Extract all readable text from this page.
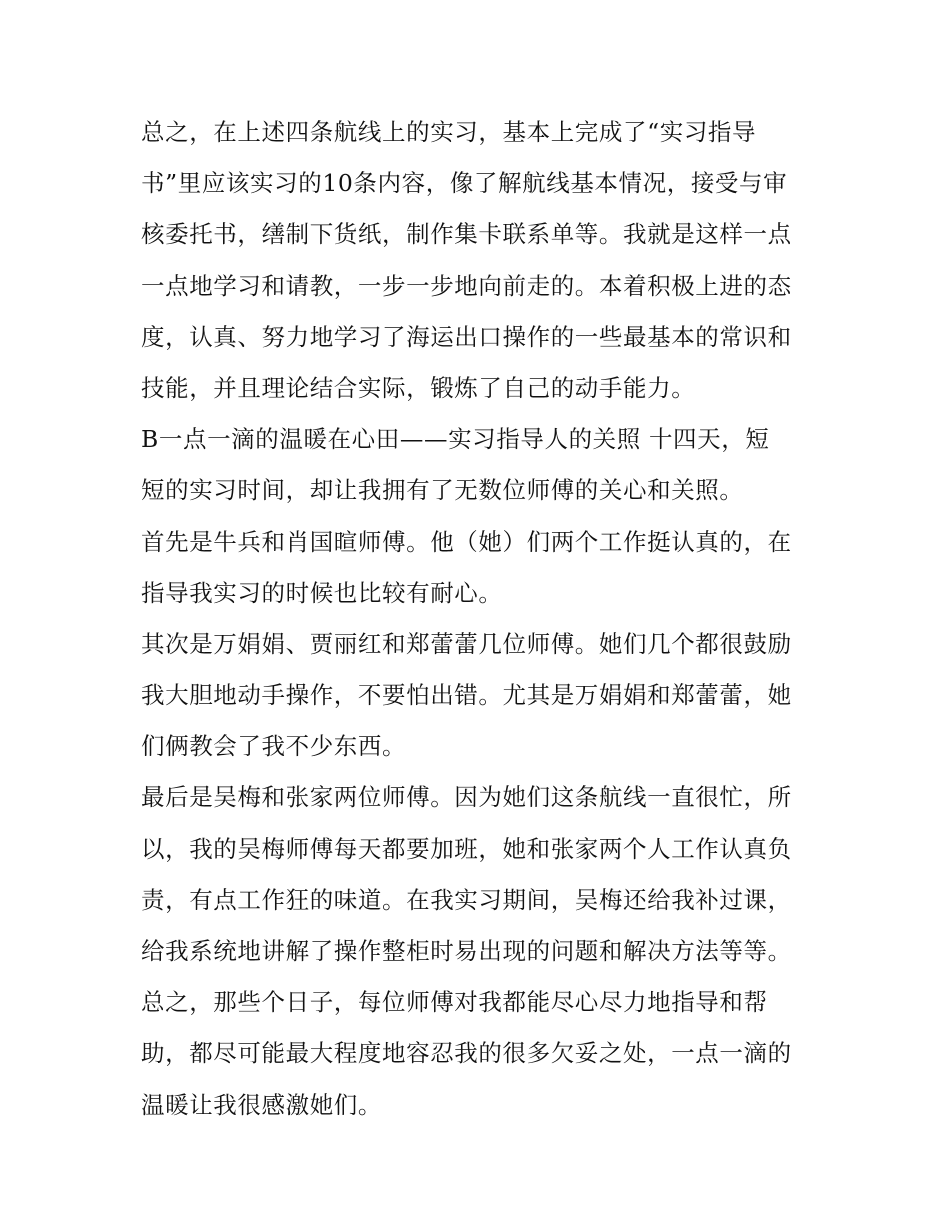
总之，在上述四条航线上的实习，基本上完成了“实习指导

书”里应该实习的10条内容，像了解航线基本情况，接受与审

核委托书，缮制下货纸，制作集卡联系单等。我就是这样一点

一点地学习和请教，一步一步地向前走的。本着积极上进的态

度，认真、努力地学习了海运出口操作的一些最基本的常识和

技能，并且理论结合实际，锻炼了自己的动手能力。

B一点一滴的温暖在心田——实习指导人的关照 十四天，短

短的实习时间，却让我拥有了无数位师傅的关心和关照。

首先是牛兵和肖国暄师傅。他（她）们两个工作挺认真的，在

指导我实习的时候也比较有耐心。

其次是万娟娟、贾丽红和郑蕾蕾几位师傅。她们几个都很鼓励

我大胆地动手操作，不要怕出错。尤其是万娟娟和郑蕾蕾，她

们俩教会了我不少东西。

最后是吴梅和张家两位师傅。因为她们这条航线一直很忙，所

以，我的吴梅师傅每天都要加班，她和张家两个人工作认真负

责，有点工作狂的味道。在我实习期间，吴梅还给我补过课，

给我系统地讲解了操作整柜时易出现的问题和解决方法等等。

总之，那些个日子，每位师傅对我都能尽心尽力地指导和帮

助，都尽可能最大程度地容忍我的很多欠妥之处，一点一滴的

温暖让我很感激她们。
